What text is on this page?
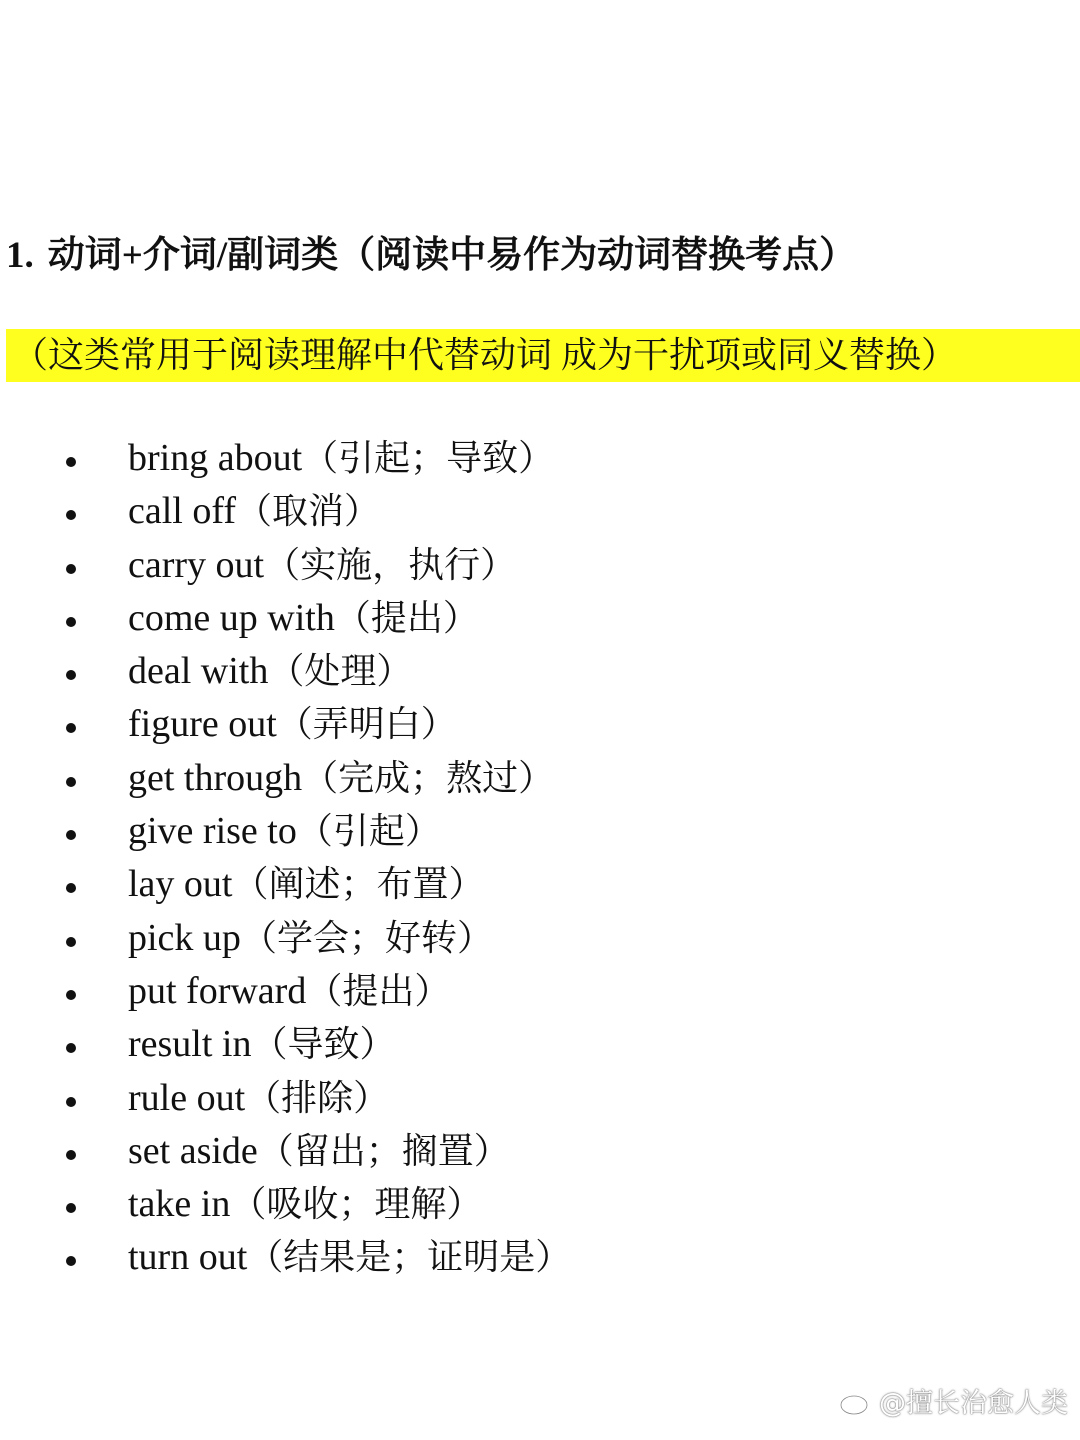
1. 动词+介词/副词类（阅读中易作为动词替换考点）

（这类常用于阅读理解中代替动词 成为干扰项或同义替换）

bring about（引起；导致）
call off（取消）
carry out（实施，执行）
come up with（提出）
deal with（处理）
figure out（弄明白）
get through（完成；熬过）
give rise to（引起）
lay out（阐述；布置）
pick up（学会；好转）
put forward（提出）
result in（导致）
rule out（排除）
set aside（留出；搁置）
take in（吸收；理解）
turn out（结果是；证明是）
@擅长治愈人类
